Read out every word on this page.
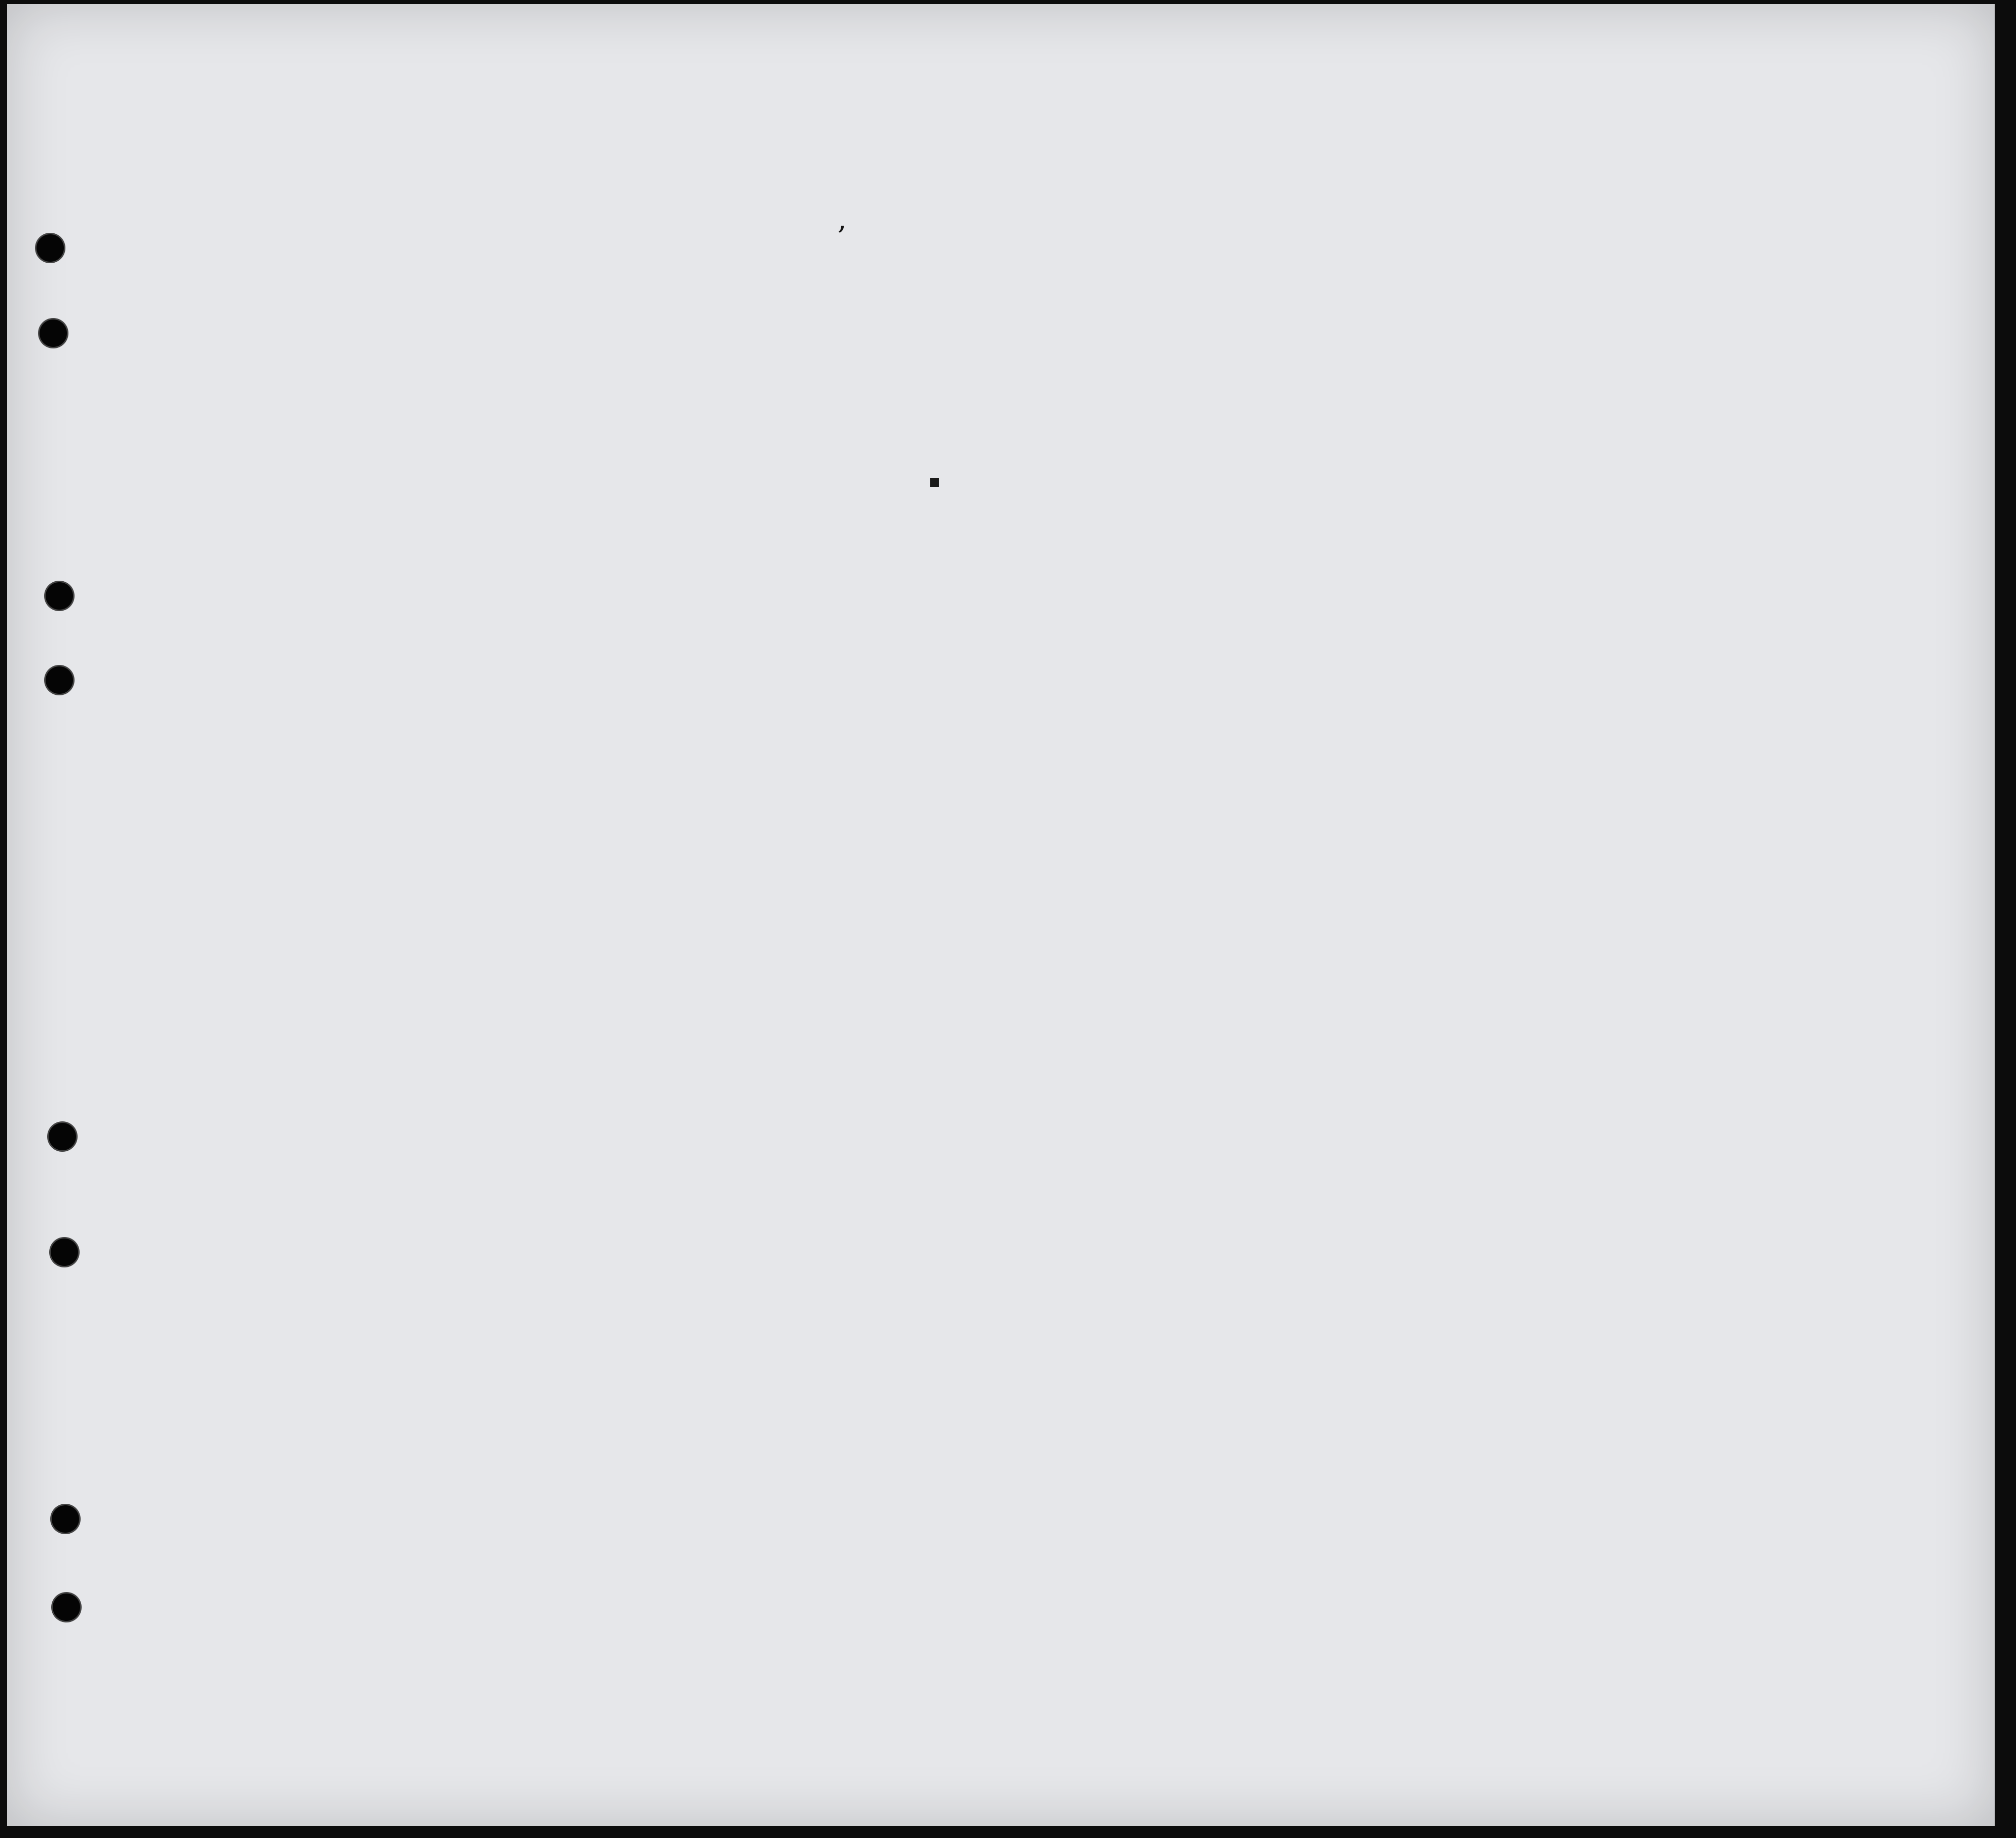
,
■
